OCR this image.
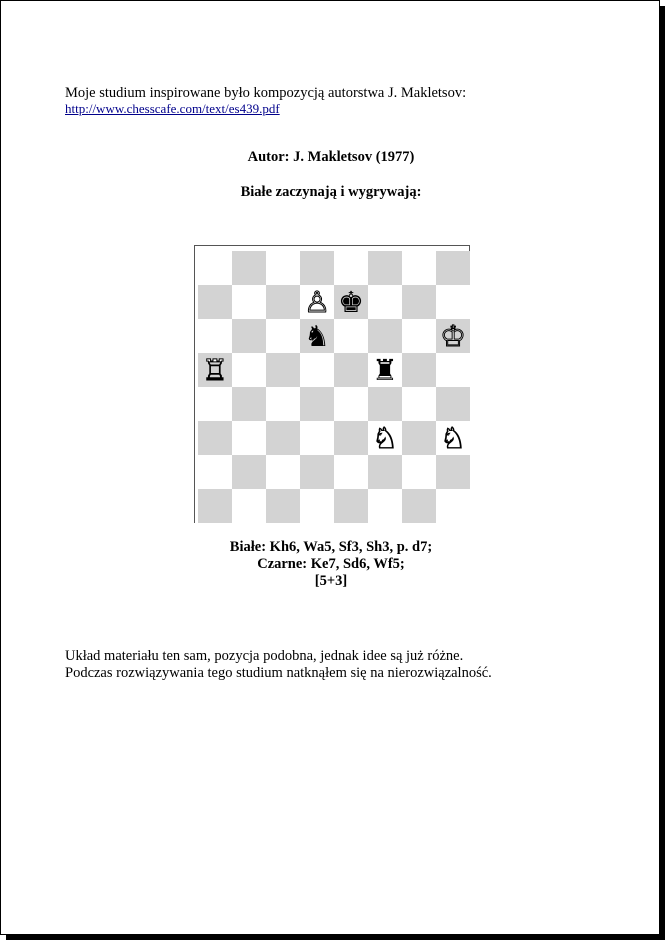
Moje studium inspirowane było kompozycją autorstwa J. Makletsov:
http://www.chesscafe.com/text/es439.pdf
Autor: J. Makletsov (1977)
Białe zaczynają i wygrywają:
♙ ♚
♞	♔
♖	♜
♘ ♘
Białe: Kh6, Wa5, Sf3, Sh3, p. d7;
Czarne: Ke7, Sd6, Wf5;
[5+3]
Układ materiału ten sam, pozycja podobna, jednak idee są już różne.
Podczas rozwiązywania tego studium natknąłem się na nierozwiązalność.
